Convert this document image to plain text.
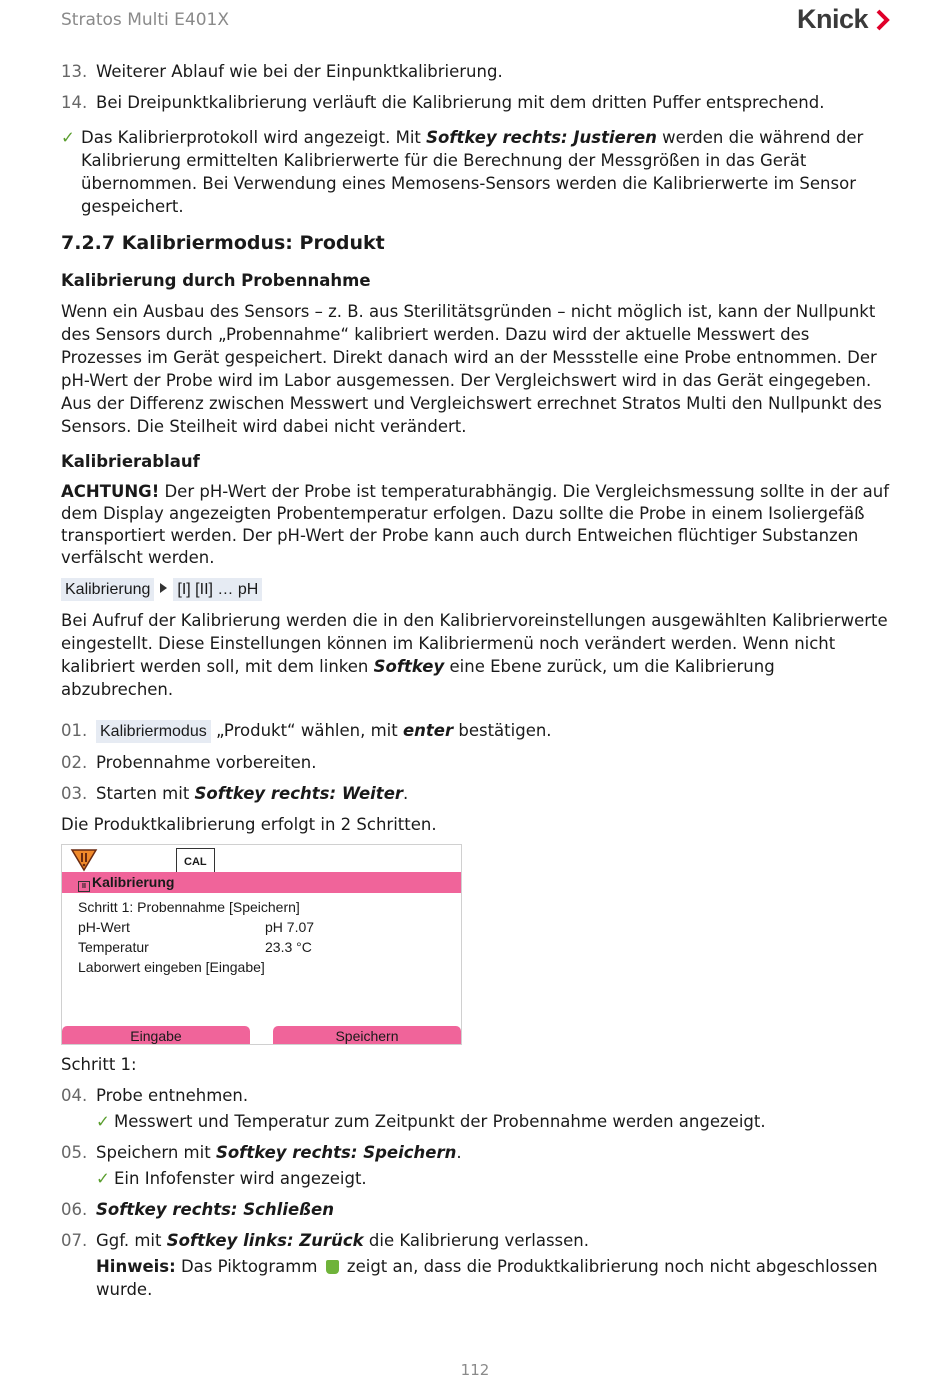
Stratos Multi E401X	Knick
13. Weiterer Ablauf wie bei der Einpunktkalibrierung.
14. Bei Dreipunktkalibrierung verläuft die Kalibrierung mit dem dritten Puffer entsprechend.
✓ Das Kalibrierprotokoll wird angezeigt. Mit Softkey rechts: Justieren werden die während der Kalibrierung ermittelten Kalibrierwerte für die Berechnung der Messgrößen in das Gerät übernommen. Bei Verwendung eines Memosens-Sensors werden die Kalibrierwerte im Sensor gespeichert.
7.2.7 Kalibriermodus: Produkt
Kalibrierung durch Probennahme

Wenn ein Ausbau des Sensors – z. B. aus Sterilitätsgründen – nicht möglich ist, kann der Nullpunkt des Sensors durch „Probennahme“ kalibriert werden. Dazu wird der aktuelle Messwert des Prozesses im Gerät gespeichert. Direkt danach wird an der Messstelle eine Probe entnommen. Der pH-Wert der Probe wird im Labor ausgemessen. Der Vergleichswert wird in das Gerät eingegeben. Aus der Differenz zwischen Messwert und Vergleichswert errechnet Stratos Multi den Nullpunkt des Sensors. Die Steilheit wird dabei nicht verändert.

Kalibrierablauf

ACHTUNG! Der pH-Wert der Probe ist temperaturabhängig. Die Vergleichsmessung sollte in der auf dem Display angezeigten Probentemperatur erfolgen. Dazu sollte die Probe in einem Isoliergefäß transportiert werden. Der pH-Wert der Probe kann auch durch Entweichen flüchtiger Substanzen verfälscht werden.

Kalibrierung [I] [II] … pH

Bei Aufruf der Kalibrierung werden die in den Kalibriervoreinstellungen ausgewählten Kalibrierwerte eingestellt. Diese Einstellungen können im Kalibriermenü noch verändert werden. Wenn nicht kalibriert werden soll, mit dem linken Softkey eine Ebene zurück, um die Kalibrierung abzubrechen.

01. Kalibriermodus „Produkt“ wählen, mit enter bestätigen.
02. Probennahme vorbereiten.
03. Starten mit Softkey rechts: Weiter.
Die Produktkalibrierung erfolgt in 2 Schritten.
CAL
II Kalibrierung
Schritt 1: Probennahme [Speichern]
pH-Wert	pH 7.07
Temperatur	23.3 °C
Laborwert eingeben [Eingabe]
Eingabe	Speichern
Schritt 1:
04. Probe entnehmen.
✓ Messwert und Temperatur zum Zeitpunkt der Probennahme werden angezeigt.
05. Speichern mit Softkey rechts: Speichern.
✓ Ein Infofenster wird angezeigt.
06. Softkey rechts: Schließen
07. Ggf. mit Softkey links: Zurück die Kalibrierung verlassen.
Hinweis: Das Piktogramm  zeigt an, dass die Produktkalibrierung noch nicht abgeschlossen wurde.
112
